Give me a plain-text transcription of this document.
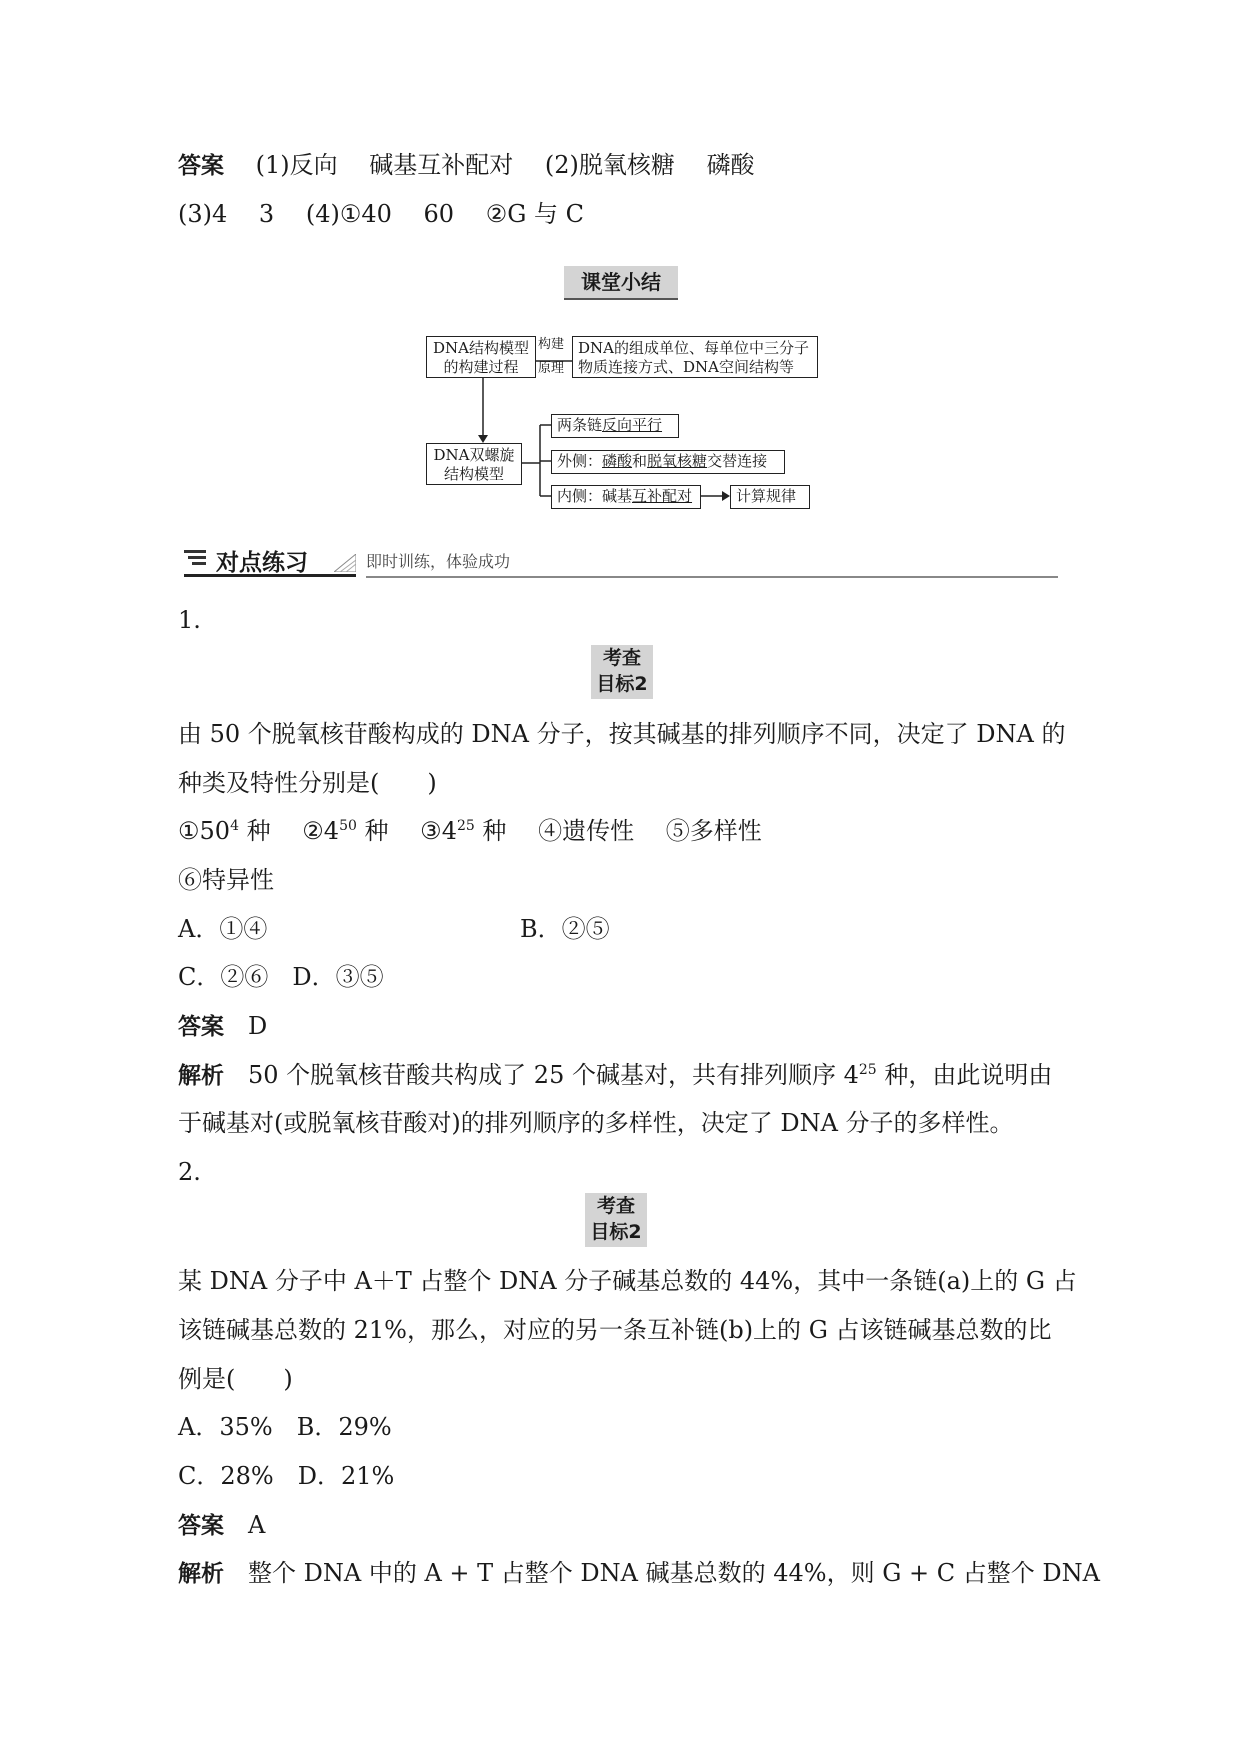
答案 (1)反向 碱基互补配对 (2)脱氧核糖 磷酸
(3)4 3 (4)①40 60 ②G 与 C
课堂小结
DNA结构模型
的构建过程
构建
原理
DNA的组成单位、每单位中三分子
物质连接方式、DNA空间结构等
DNA双螺旋
结构模型
两条链反向平行
外侧：磷酸和脱氧核糖交替连接
内侧：碱基互补配对	计算规律
对点练习	即时训练，体验成功
1.
考查
目标2
由 50 个脱氧核苷酸构成的 DNA 分子，按其碱基的排列顺序不同，决定了 DNA 的
种类及特性分别是(　　)
$①50^4$ 种 $②4^{50}$ 种 $③4^{25}$ 种 ④遗传性 ⑤多样性
⑥特异性
A．①④	B．②⑤
C．②⑥ D．③⑤
答案 D
解析 50 个脱氧核苷酸共构成了 25 个碱基对，共有排列顺序 $4^{25}$ 种，由此说明由
于碱基对(或脱氧核苷酸对)的排列顺序的多样性，决定了 DNA 分子的多样性。
2.
考查
目标2
某 DNA 分子中 A＋T 占整个 DNA 分子碱基总数的 44%，其中一条链(a)上的 G 占
该链碱基总数的 21%，那么，对应的另一条互补链(b)上的 G 占该链碱基总数的比
例是(　　)
A．35% B．29%
C．28% D．21%
答案 A
解析 整个 DNA 中的 A + T 占整个 DNA 碱基总数的 44%，则 G + C 占整个 DNA
